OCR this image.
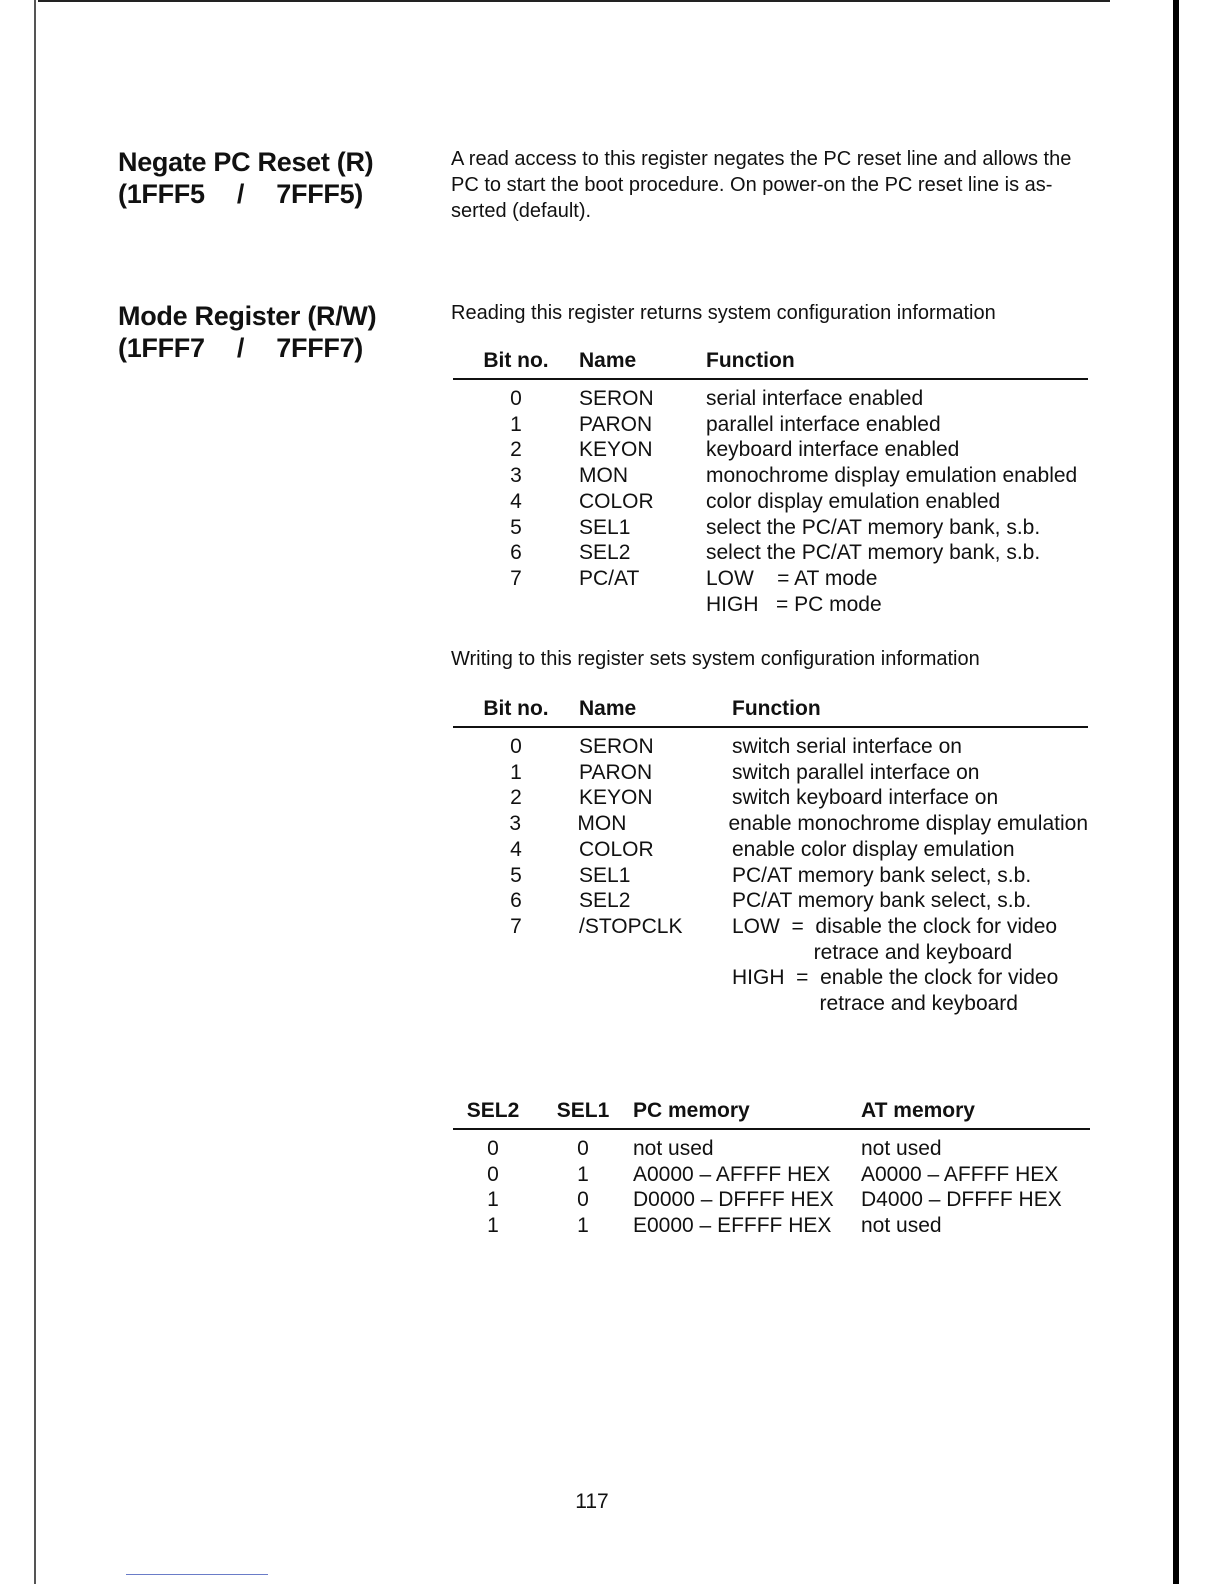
Negate PC Reset (R)
(1FFF5 / 7FFF5)
A read access to this register negates the PC reset line and allows the
PC to start the boot procedure. On power-on the PC reset line is as-
serted (default).
Mode Register (R/W)
(1FFF7 / 7FFF7)
Reading this register returns system configuration information
Bit no.	Name	Function
0	SERON	serial interface enabled
1	PARON	parallel interface enabled
2	KEYON	keyboard interface enabled
3	MON	monochrome display emulation enabled
4	COLOR	color display emulation enabled
5	SEL1	select the PC/AT memory bank, s.b.
6	SEL2	select the PC/AT memory bank, s.b.
7	PC/AT	LOW    = AT mode
HIGH   = PC mode
Writing to this register sets system configuration information
Bit no.	Name	Function
0	SERON	switch serial interface on
1	PARON	switch parallel interface on
2	KEYON	switch keyboard interface on
3	MON	enable monochrome display emulation
4	COLOR	enable color display emulation
5	SEL1	PC/AT memory bank select, s.b.
6	SEL2	PC/AT memory bank select, s.b.
7	/STOPCLK	LOW  =  disable the clock for video
retrace and keyboard
HIGH  =  enable the clock for video
retrace and keyboard
SEL2	SEL1	PC memory	AT memory
0	0	not used	not used
0	1	A0000 – AFFFF HEX	A0000 – AFFFF HEX
1	0	D0000 – DFFFF HEX	D4000 – DFFFF HEX
1	1	E0000 – EFFFF HEX	not used
117
